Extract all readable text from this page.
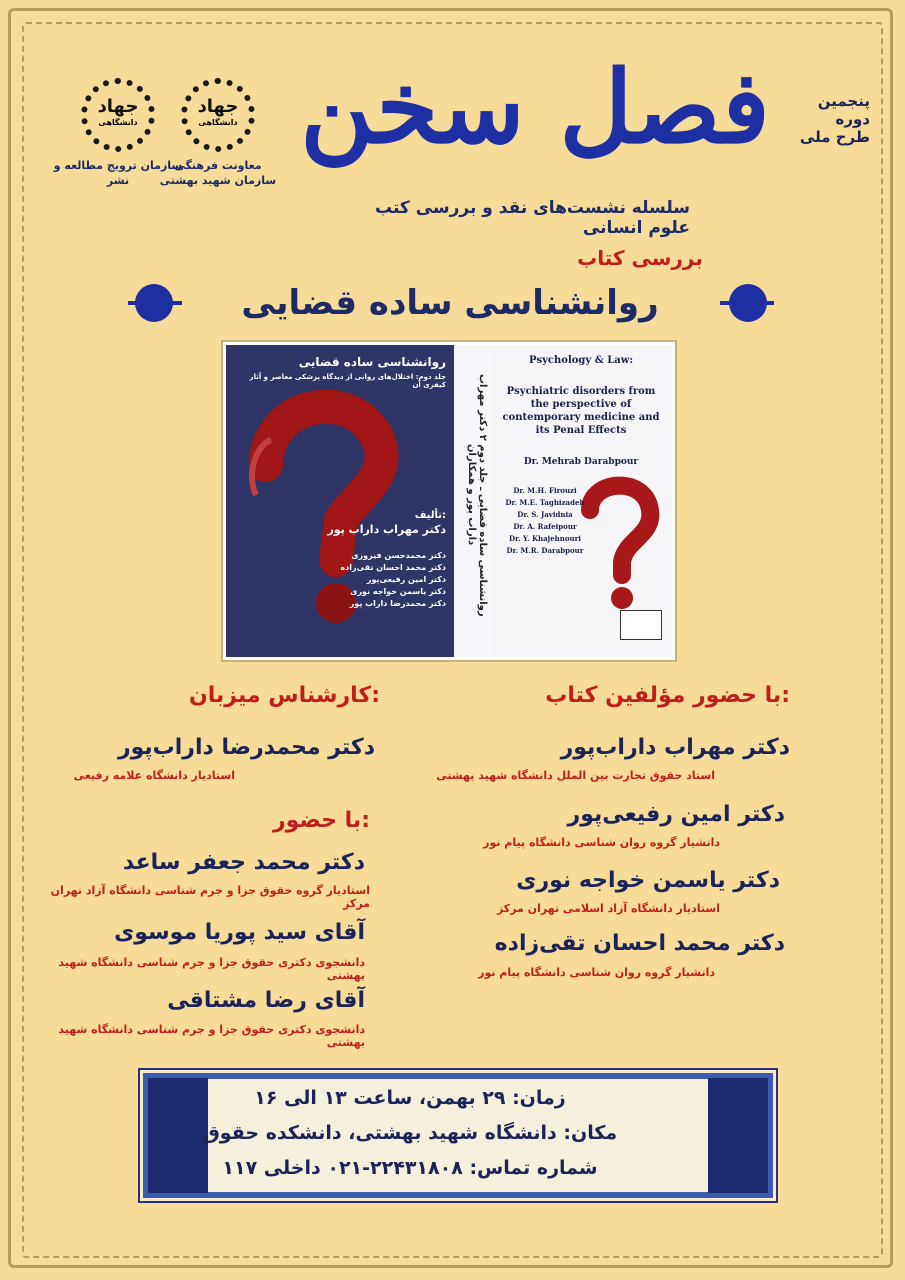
جهاد
دانشگاهی
معاونت فرهنگی
سازمان شهید بهشتی
جهاد
دانشگاهی
سازمان ترویج مطالعه و نشر
فصل سخن	پنجمین
دوره
طرح ملی
سلسله نشست‌های نقد و بررسی کتب علوم انسانی
بررسی کتاب
روانشناسی ساده قضایی
روانشناسی ساده قضایی
جلد دوم: اختلال‌های روانی از دیدگاه پزشکی معاصر و آثار کیفری آن
تألیف:
دکتر مهراب داراب پور
دکتر محمدحسن فیروزی
دکتر محمد احسان تقی‌زاده
دکتر امین رفیعی‌پور
دکتر یاسمن خواجه نوری
دکتر محمدرضا داراب پور
روانشناسی ساده قضایی ـ جلد دوم ۲ دکتر مهراب داراب پور و همکاران
Psychology & Law:
Psychiatric disorders from the perspective of contemporary medicine and its Penal Effects
Dr. Mehrab Darabpour
Dr. M.H. Firouzi
Dr. M.E. Taghizadeh
Dr. S. Javidnia
Dr. A. Rafeipour
Dr. Y. Khajehnouri
Dr. M.R. Darabpour
با حضور مؤلفین کتاب:
دکتر مهراب داراب‌پور
استاد حقوق تجارت بین الملل دانشگاه شهید بهشتی
دکتر امین رفیعی‌پور
دانشیار گروه روان شناسی دانشگاه پیام نور
دکتر یاسمن خواجه نوری
استادیار دانشگاه آزاد اسلامی تهران مرکز
دکتر محمد احسان تقی‌زاده
دانشیار گروه روان شناسی دانشگاه پیام نور
کارشناس میزبان:
دکتر محمدرضا داراب‌پور
استادیار دانشگاه علامه رفیعی
با حضور:
دکتر محمد جعفر ساعد
استادیار گروه حقوق جزا و جرم شناسی دانشگاه آزاد تهران مرکز
آقای سید پوریا موسوی
دانشجوی دکتری حقوق جزا و جرم شناسی دانشگاه شهید بهشتی
آقای رضا مشتاقی
دانشجوی دکتری حقوق جزا و جرم شناسی دانشگاه شهید بهشتی
زمان: ۲۹ بهمن، ساعت ۱۳ الی ۱۶
مکان: دانشگاه شهید بهشتی، دانشکده حقوق
شماره تماس: ۲۲۴۳۱۸۰۸-۰۲۱ داخلی ۱۱۷
